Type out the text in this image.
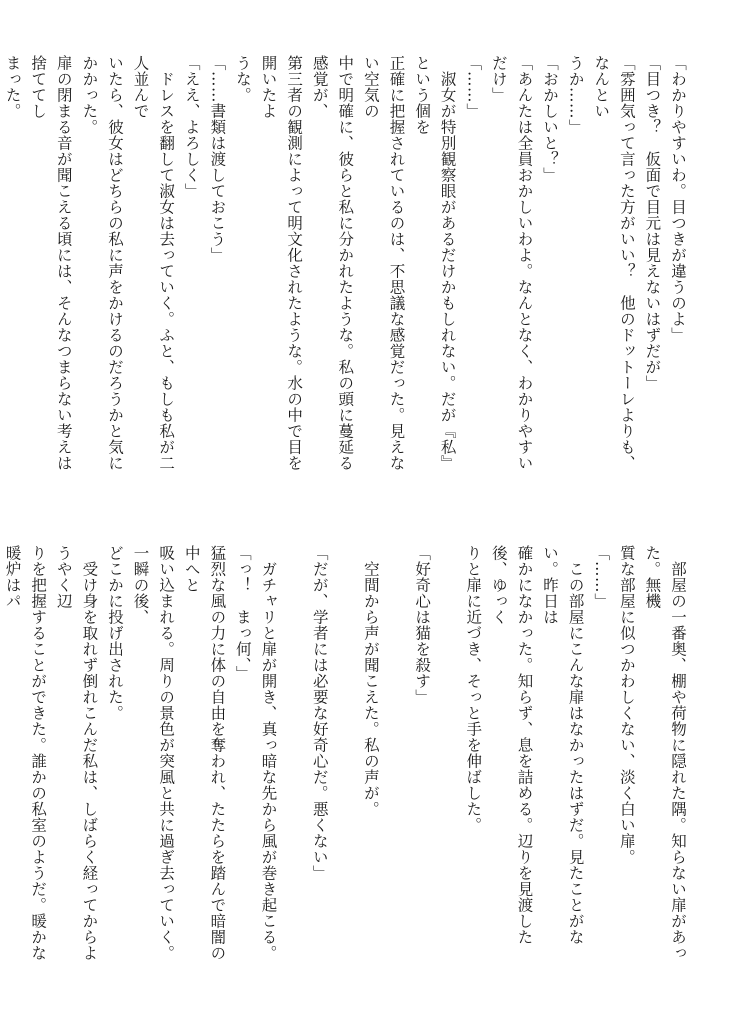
「わかりやすいわ。目つきが違うのよ」
「目つき？　仮面で目元は見えないはずだが」
「雰囲気って言った方がいい？　他のドットーレよりも、なんとい
うか……」
「おかしいと？」
「あんたは全員おかしいわよ。なんとなく、わかりやすいだけ」
「……」
淑女が特別観察眼があるだけかもしれない。だが『私』という個を
正確に把握されているのは、不思議な感覚だった。見えない空気の
中で明確に、彼らと私に分かれたような。私の頭に蔓延る感覚が、
第三者の観測によって明文化されたような。水の中で目を開いたよ
うな。
「……書類は渡しておこう」
「ええ、よろしく」
ドレスを翻して淑女は去っていく。ふと、もしも私が二人並んで
いたら、彼女はどちらの私に声をかけるのだろうかと気にかかった。
扉の閉まる音が聞こえる頃には、そんなつまらない考えは捨ててし
まった。
部屋の一番奥、棚や荷物に隠れた隅。知らない扉があった。無機
質な部屋に似つかわしくない、淡く白い扉。
「……」
この部屋にこんな扉はなかったはずだ。見たことがない。昨日は
確かになかった。知らず、息を詰める。辺りを見渡した後、ゆっく
りと扉に近づき、そっと手を伸ばした。
「好奇心は猫を殺す」
空間から声が聞こえた。私の声が。
「だが、学者には必要な好奇心だ。悪くない」
ガチャリと扉が開き、真っ暗な先から風が巻き起こる。
「っ！　まっ何、」
猛烈な風の力に体の自由を奪われ、たたらを踏んで暗闇の中へと
吸い込まれる。周りの景色が突風と共に過ぎ去っていく。一瞬の後、
どこかに投げ出された。
受け身を取れず倒れこんだ私は、しばらく経ってからようやく辺
りを把握することができた。誰かの私室のようだ。暖かな暖炉はパ
